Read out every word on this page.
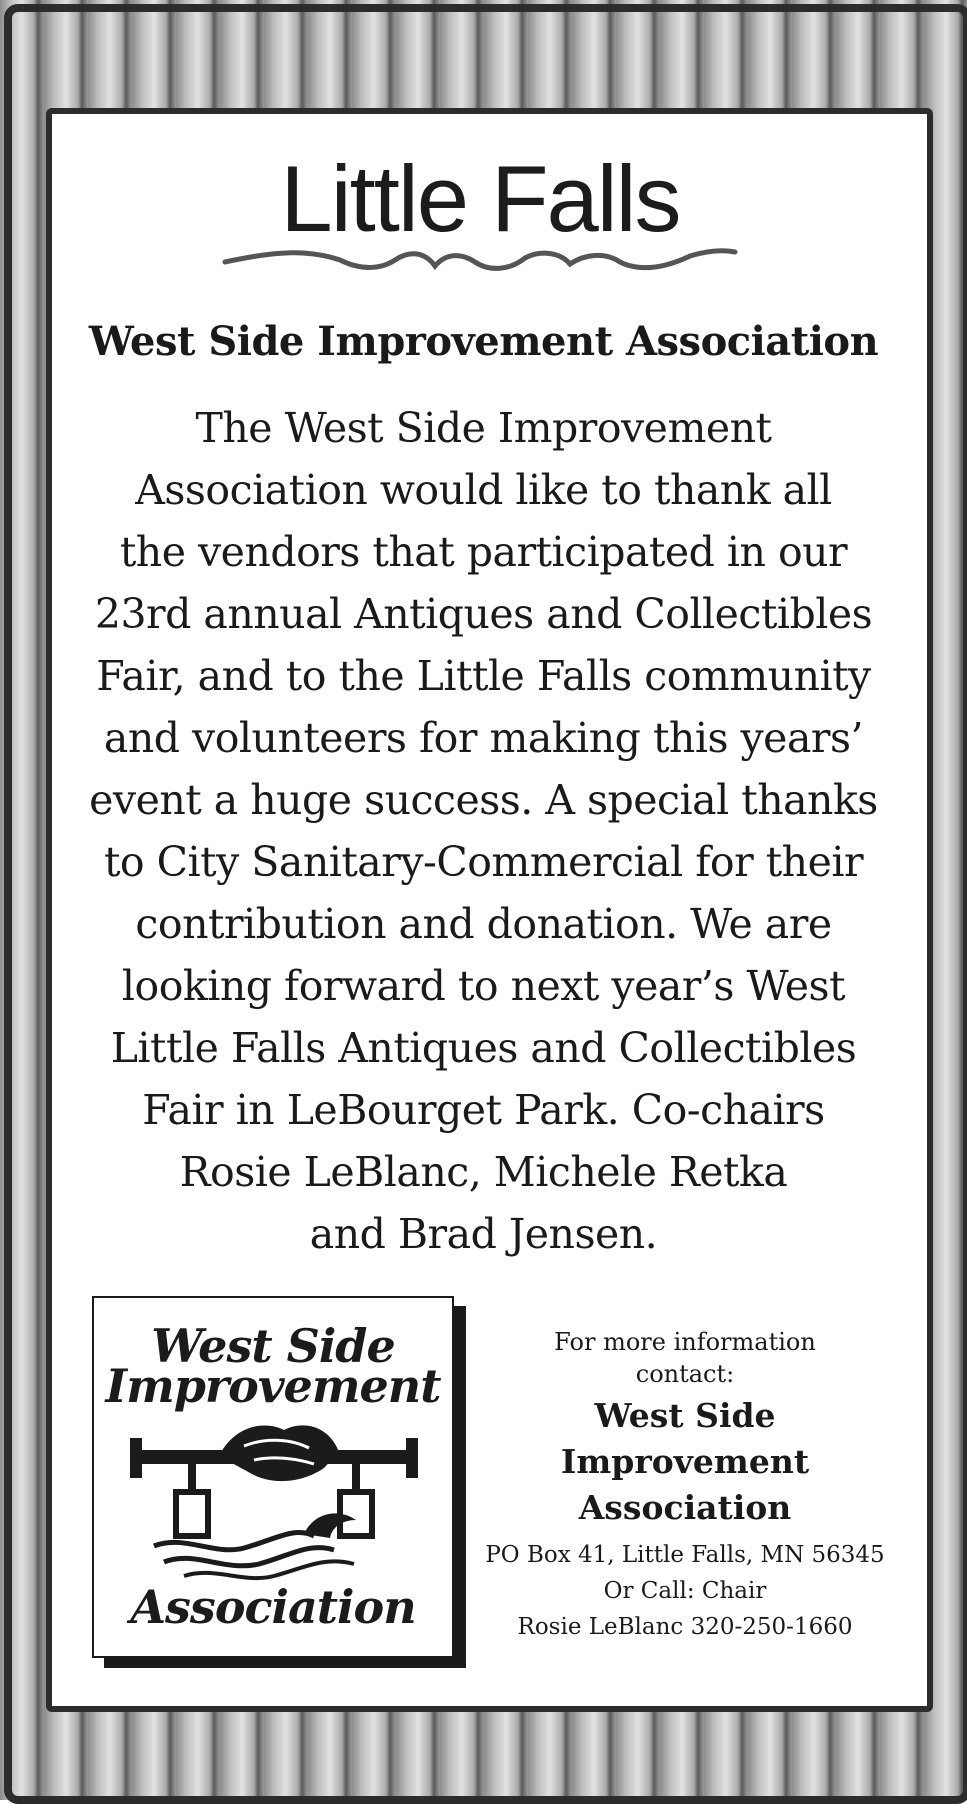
Little Falls
West Side Improvement Association
The West Side Improvement
Association would like to thank all
the vendors that participated in our
23rd annual Antiques and Collectibles
Fair, and to the Little Falls community
and volunteers for making this years’
event a huge success. A special thanks
to City Sanitary-Commercial for their
contribution and donation. We are
looking forward to next year’s West
Little Falls Antiques and Collectibles
Fair in LeBourget Park. Co-chairs
Rosie LeBlanc, Michele Retka
and Brad Jensen.
West Side
Improvement
Association
For more information
contact:
West Side
Improvement
Association
PO Box 41, Little Falls, MN 56345
Or Call: Chair
Rosie LeBlanc 320-250-1660
